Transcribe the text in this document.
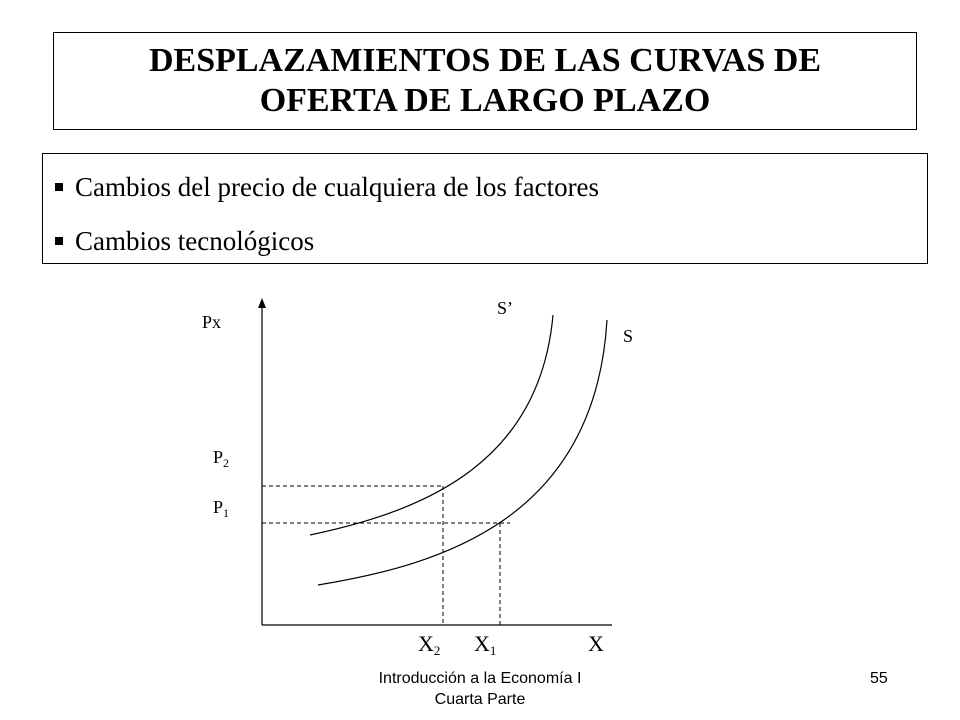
DESPLAZAMIENTOS DE LAS CURVAS DE
OFERTA DE LARGO PLAZO
Cambios del precio de cualquiera de los factores
Cambios tecnológicos
Px
S’
S
$P_2$
$P_1$
X2 X1	X
Introducción a la Economía I
Cuarta Parte
55
